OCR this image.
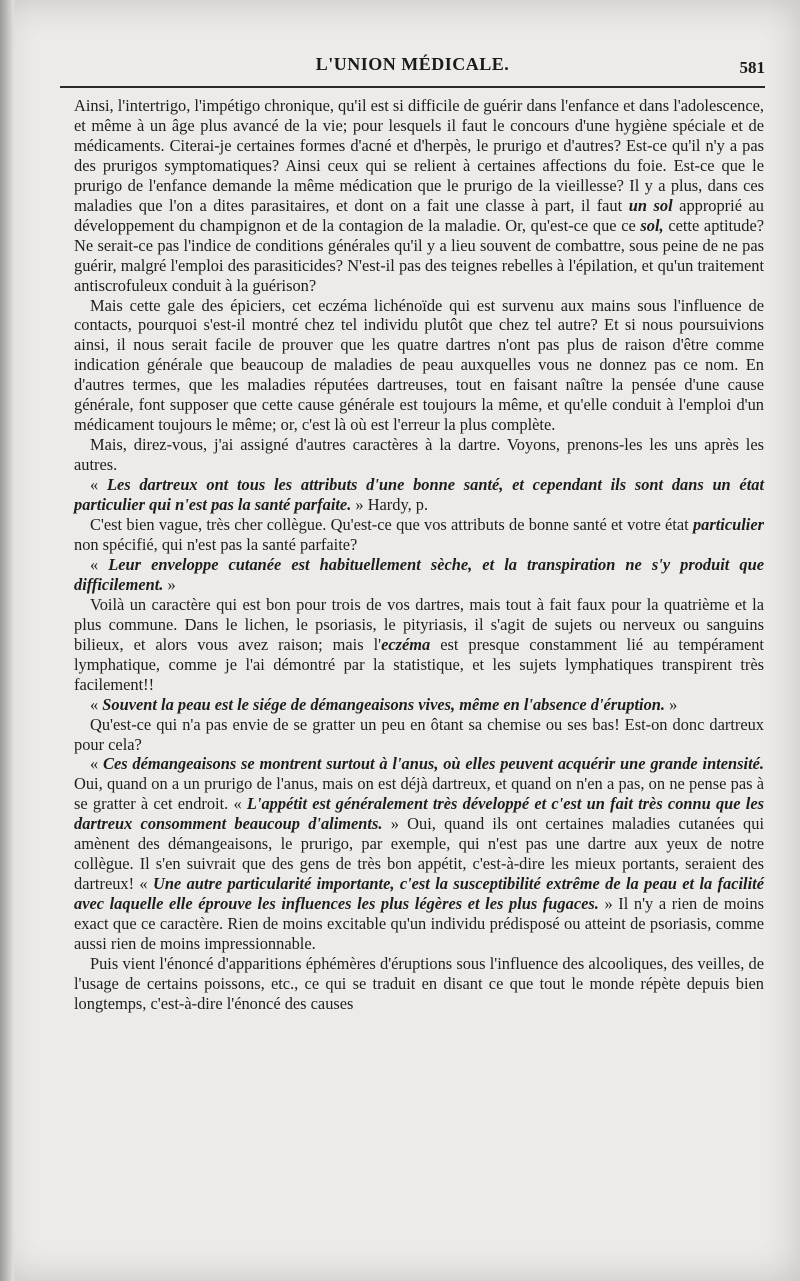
L'UNION MÉDICALE.	581

Ainsi, l'intertrigo, l'impétigo chronique, qu'il est si difficile de guérir dans l'enfance et dans l'adolescence, et même à un âge plus avancé de la vie; pour lesquels il faut le concours d'une hygiène spéciale et de médicaments. Citerai-je certaines formes d'acné et d'herpès, le prurigo et d'autres? Est-ce qu'il n'y a pas des prurigos symptomatiques? Ainsi ceux qui se relient à certaines affections du foie. Est-ce que le prurigo de l'enfance demande la même médication que le prurigo de la vieillesse? Il y a plus, dans ces maladies que l'on a dites parasitaires, et dont on a fait une classe à part, il faut un sol approprié au développement du champignon et de la contagion de la maladie. Or, qu'est-ce que ce sol, cette aptitude? Ne serait-ce pas l'indice de conditions générales qu'il y a lieu souvent de combattre, sous peine de ne pas guérir, malgré l'emploi des parasiticides? N'est-il pas des teignes rebelles à l'épilation, et qu'un traitement antiscrofuleux conduit à la guérison?

Mais cette gale des épiciers, cet eczéma lichénoïde qui est survenu aux mains sous l'influence de contacts, pourquoi s'est-il montré chez tel individu plutôt que chez tel autre? Et si nous poursuivions ainsi, il nous serait facile de prouver que les quatre dartres n'ont pas plus de raison d'être comme indication générale que beaucoup de maladies de peau auxquelles vous ne donnez pas ce nom. En d'autres termes, que les maladies réputées dartreuses, tout en faisant naître la pensée d'une cause générale, font supposer que cette cause générale est toujours la même, et qu'elle conduit à l'emploi d'un médicament toujours le même; or, c'est là où est l'erreur la plus complète.

Mais, direz-vous, j'ai assigné d'autres caractères à la dartre. Voyons, prenons-les les uns après les autres.

« Les dartreux ont tous les attributs d'une bonne santé, et cependant ils sont dans un état particulier qui n'est pas la santé parfaite. » Hardy, p.

C'est bien vague, très cher collègue. Qu'est-ce que vos attributs de bonne santé et votre état particulier non spécifié, qui n'est pas la santé parfaite?

« Leur enveloppe cutanée est habituellement sèche, et la transpiration ne s'y produit que difficilement. »

Voilà un caractère qui est bon pour trois de vos dartres, mais tout à fait faux pour la quatrième et la plus commune. Dans le lichen, le psoriasis, le pityriasis, il s'agit de sujets ou nerveux ou sanguins bilieux, et alors vous avez raison; mais l'eczéma est presque constamment lié au tempérament lymphatique, comme je l'ai démontré par la statistique, et les sujets lymphatiques transpirent très facilement!!

« Souvent la peau est le siége de démangeaisons vives, même en l'absence d'éruption. »

Qu'est-ce qui n'a pas envie de se gratter un peu en ôtant sa chemise ou ses bas! Est-on donc dartreux pour cela?

« Ces démangeaisons se montrent surtout à l'anus, où elles peuvent acquérir une grande intensité. Oui, quand on a un prurigo de l'anus, mais on est déjà dartreux, et quand on n'en a pas, on ne pense pas à se gratter à cet endroit. « L'appétit est généralement très développé et c'est un fait très connu que les dartreux consomment beaucoup d'aliments. » Oui, quand ils ont certaines maladies cutanées qui amènent des démangeaisons, le prurigo, par exemple, qui n'est pas une dartre aux yeux de notre collègue. Il s'en suivrait que des gens de très bon appétit, c'est-à-dire les mieux portants, seraient des dartreux! « Une autre particularité importante, c'est la susceptibilité extrême de la peau et la facilité avec laquelle elle éprouve les influences les plus légères et les plus fugaces. » Il n'y a rien de moins exact que ce caractère. Rien de moins excitable qu'un individu prédisposé ou atteint de psoriasis, comme aussi rien de moins impressionnable.

Puis vient l'énoncé d'apparitions éphémères d'éruptions sous l'influence des alcooliques, des veilles, de l'usage de certains poissons, etc., ce qui se traduit en disant ce que tout le monde répète depuis bien longtemps, c'est-à-dire l'énoncé des causes
